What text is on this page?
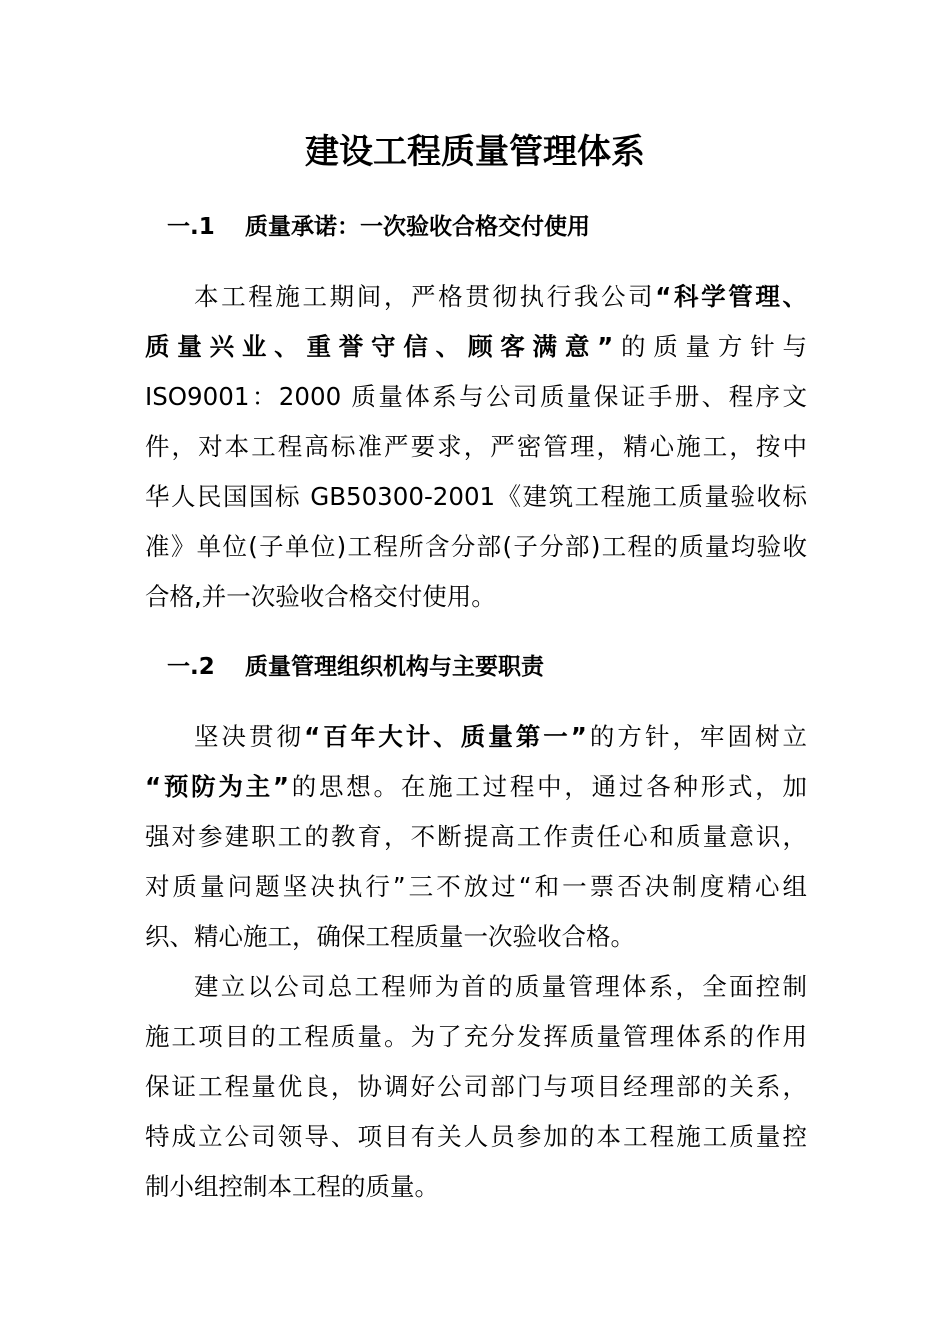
建设工程质量管理体系
一.1 质量承诺：一次验收合格交付使用
本工程施工期间，严格贯彻执行我公司“科学管理、
质量兴业、重誉守信、顾客满意”的质量方针与
ISO9001：2000 质量体系与公司质量保证手册、程序文
件，对本工程高标准严要求，严密管理，精心施工，按中
华人民国国标 GB50300-2001《建筑工程施工质量验收标
准》单位(子单位)工程所含分部(子分部)工程的质量均验收
合格,并一次验收合格交付使用。
一.2 质量管理组织机构与主要职责
坚决贯彻“百年大计、质量第一”的方针，牢固树立
“预防为主”的思想。在施工过程中，通过各种形式，加
强对参建职工的教育，不断提高工作责任心和质量意识，
对质量问题坚决执行”三不放过“和一票否决制度精心组
织、精心施工，确保工程质量一次验收合格。
建立以公司总工程师为首的质量管理体系，全面控制
施工项目的工程质量。为了充分发挥质量管理体系的作用
保证工程量优良，协调好公司部门与项目经理部的关系，
特成立公司领导、项目有关人员参加的本工程施工质量控
制小组控制本工程的质量。
